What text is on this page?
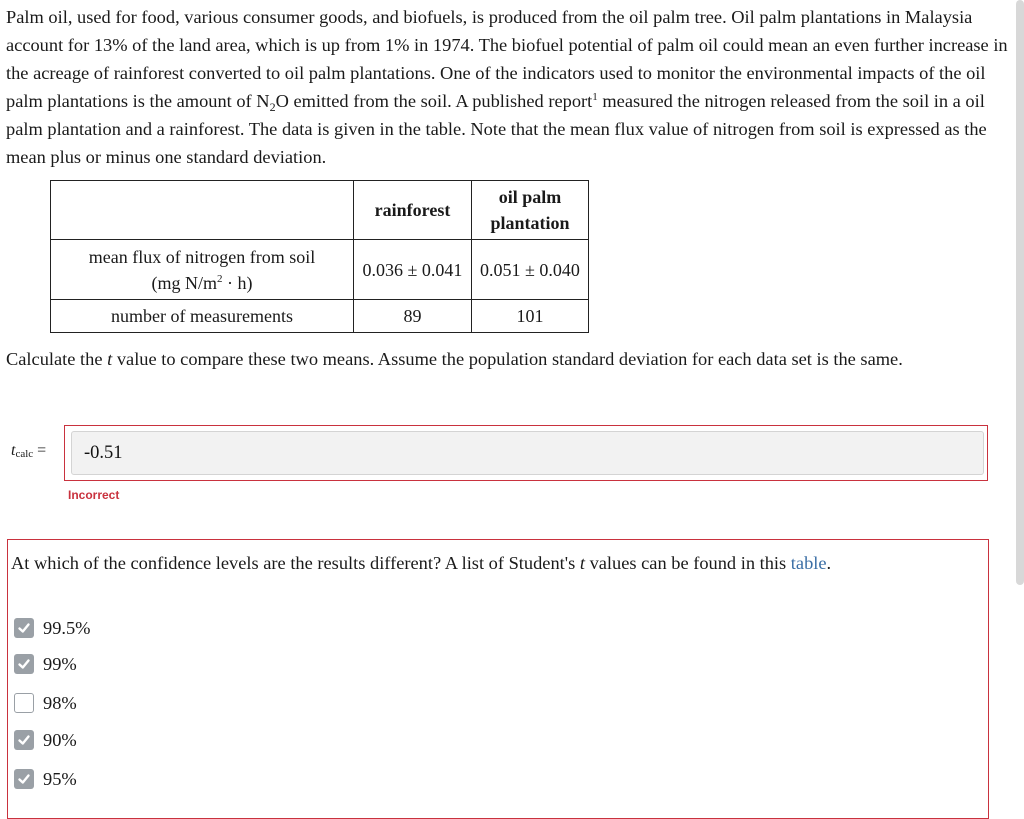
Palm oil, used for food, various consumer goods, and biofuels, is produced from the oil palm tree. Oil palm plantations in Malaysia account for 13% of the land area, which is up from 1% in 1974. The biofuel potential of palm oil could mean an even further increase in the acreage of rainforest converted to oil palm plantations. One of the indicators used to monitor the environmental impacts of the oil palm plantations is the amount of $N_2O$ emitted from the soil. A published report$^1$ measured the nitrogen released from the soil in a oil palm plantation and a rainforest. The data is given in the table. Note that the mean flux value of nitrogen from soil is expressed as the mean plus or minus one standard deviation.
	rainforest	oil palm
plantation
mean flux of nitrogen from soil
(mg $N/m^2 \cdot h$)	0.036 ± 0.041	0.051 ± 0.040
number of measurements	89	101
Calculate the t value to compare these two means. Assume the population standard deviation for each data set is the same.
$t_{calc}$ =
-0.51
Incorrect
At which of the confidence levels are the results different? A list of Student's t values can be found in this table.
99.5%
99%
98%
90%
95%
